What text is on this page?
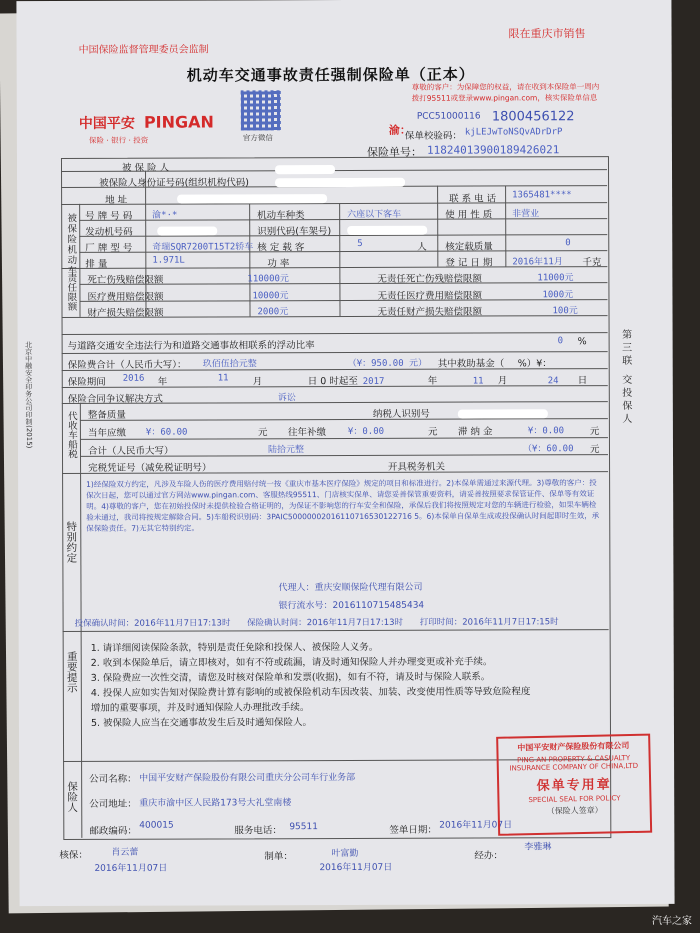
中国保险监督管理委员会监制
限在重庆市销售
机动车交通事故责任强制保险单（正本）
中国平安 PINGAN
保险 · 银行 · 投资	官方微信
尊敬的客户：为保障您的权益，请在收到本保险单一周内
拨打95511或登录www.pingan.com，核实保险单信息
PCC51000116
渝：
1800456122
保单校验码： kjLEJwToNSQvADrDrP
保险单号： 11824013900189426021
被 保 险 人
被保险人身份证号码(组织机构代码)
地 址	联 系 电 话 1365481****
被保险机动车 号 牌 号 码 渝*·*	机动车种类	六座以下客车	使 用 性 质 非营业
发动机号码	识别代码(车架号)
厂 牌 型 号 奇瑞SQR7200T15T2轿车 核 定 载 客	5	人 核定载质量	0
千克
排 量	1.971L	功 率	登 记 日 期 2016年11月
责任限额 死亡伤残赔偿限额	110000元	无责任死亡伤残赔偿限额	11000元
医疗费用赔偿限额	10000元	无责任医疗费用赔偿限额	1000元
财产损失赔偿限额	2000元	无责任财产损失赔偿限额	100元
与道路交通安全违法行为和道路交通事故相联系的浮动比率	0 %
保险费合计（人民币大写）： 玖佰伍拾元整	（¥：950.00 元） 其中救助基金（ %）¥：
保险期间 2016 年	11	月	日 0 时起至 2017	年	11 月	24 日
保险合同争议解决方式	诉讼
代收车船税 整备质量	纳税人识别号
当年应缴 ¥：60.00	元 往年补缴 ¥：0.00	元 滞 纳 金	¥：0.00	元
合计（人民币大写）	陆拾元整	（¥：60.00 元
完税凭证号（减免税证明号）	开具税务机关
特别约定
1)经保险双方约定，凡涉及车险人伤的医疗费用赔付统一按《重庆市基本医疗保险》规定的项目和标准进行。2)本保单需通过来源代理。3)尊敬的客户：投保次日起，您可以通过官方网站www.pingan.com、客服热线95511、门店核实保单、请您妥善保管重要资料，请妥善按照要求保管证件、保单等有效证明。4)尊敬的客户，您在初始投保时未提供检验合格证明的，为保证不影响您的行车安全和保险，承保后我们将按照规定对您的车辆进行检验，如果车辆检验未通过，我司将按规定解除合同。5)车船税识别码：3PAIC50000002016110716530122716 5。6)本保单自保单生成或投保确认时间起即时生效，承保保险责任。7)无其它特别约定。
代理人：重庆安顺保险代理有限公司
银行流水号：2016110715485434
投保确认时间：2016年11月7日17:13时 保险确认时间：2016年11月7日17:13时 打印时间：2016年11月7日17:15时
重要提示
1. 请详细阅读保险条款，特别是责任免除和投保人、被保险人义务。
2. 收到本保险单后，请立即核对，如有不符或疏漏，请及时通知保险人并办理变更或补充手续。
3. 保险费应一次性交清，请您及时核对保险单和发票(收据)，如有不符，请及时与保险人联系。
4. 投保人应如实告知对保险费计算有影响的或被保险机动车因改装、加装、改变使用性质等导致危险程度增加的重要事项，并及时通知保险人办理批改手续。
5. 被保险人应当在交通事故发生后及时通知保险人。
保险人
公司名称： 中国平安财产保险股份有限公司重庆分公司车行业务部
公司地址： 重庆市渝中区人民路173号大礼堂南楼
邮政编码：
400015	服务电话： 95511	签单日期： 2016年11月07日
中国平安财产保险股份有限公司
PING AN PROPERTY & CASUALTY
INSURANCE COMPANY OF CHINA,LTD
保单专用章
SPECIAL SEAL FOR POLICY
（保险人签章）
核保：	肖云蕾
2016年11月07日
制单：	叶富勤
2016年11月07日
经办：
李雅琳
北京中融安全印务公司印制(2015)	第三联 交投保人
汽车之家
